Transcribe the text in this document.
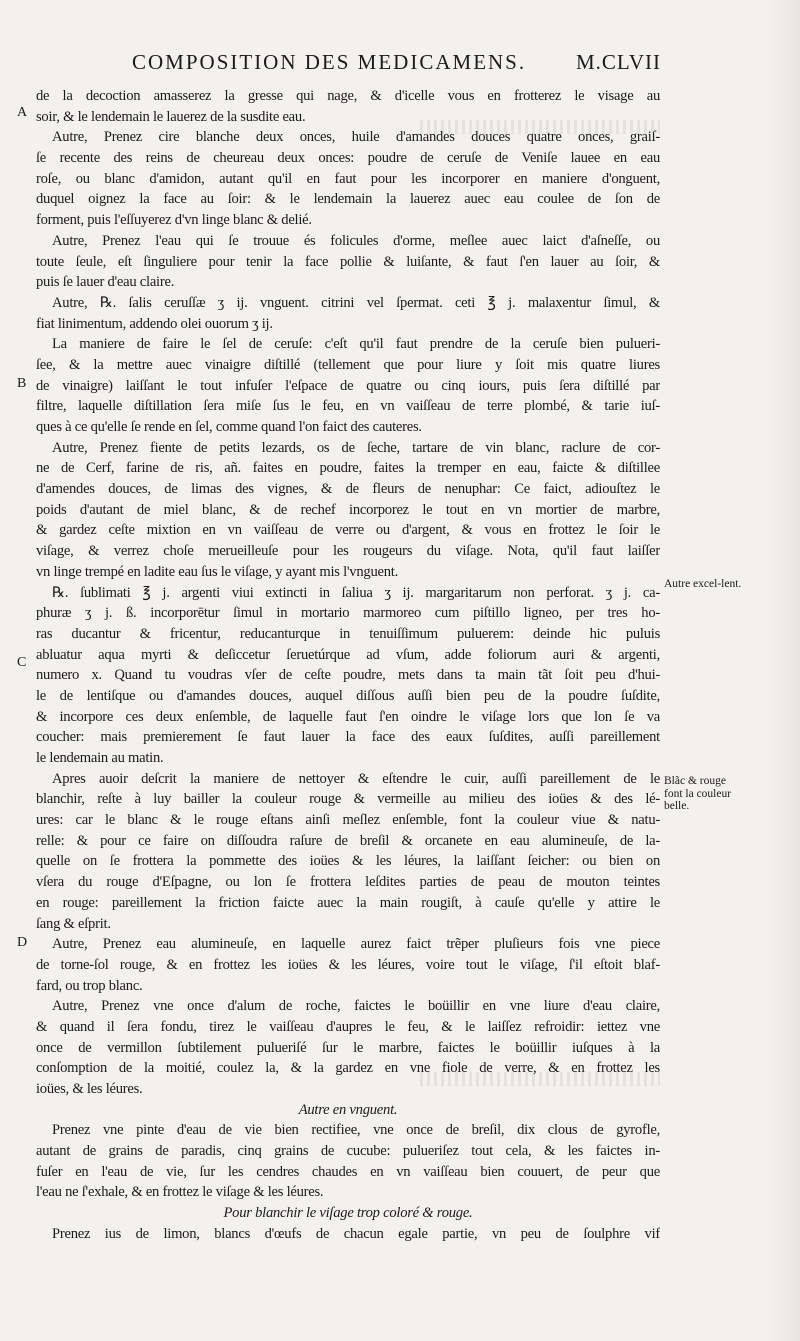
COMPOSITION DES MEDICAMENS. M.CLVII
A
B
C
D
Autre excel-lent.
Blãc & rouge font la couleur belle.
de la decoction amasserez la gresse qui nage, & d'icelle vous en frotterez le visage au
soir, & le lendemain le lauerez de la susdite eau.
Autre, Prenez cire blanche deux onces, huile d'amandes douces quatre onces, graiſ-
ſe recente des reins de cheureau deux onces: poudre de ceruſe de Veniſe lauee en eau
roſe, ou blanc d'amidon, autant qu'il en faut pour les incorporer en maniere d'onguent,
duquel oignez la face au ſoir: & le lendemain la lauerez auec eau coulee de ſon de
forment, puis l'eſſuyerez d'vn linge blanc & delié.
Autre, Prenez l'eau qui ſe trouue és folicules d'orme, meſlee auec laict d'aſneſſe, ou
toute ſeule, eſt ſinguliere pour tenir la face pollie & luiſante, & faut ſ'en lauer au ſoir, &
puis ſe lauer d'eau claire.
Autre, ℞. ſalis ceruſſæ ʒ ij. vnguent. citrini vel ſpermat. ceti ℥ j. malaxentur ſimul, &
fiat linimentum, addendo olei ouorum ʒ ij.
La maniere de faire le ſel de ceruſe: c'eſt qu'il faut prendre de la ceruſe bien pulueri-
ſee, & la mettre auec vinaigre diſtillé (tellement que pour liure y ſoit mis quatre liures
de vinaigre) laiſſant le tout infuſer l'eſpace de quatre ou cinq iours, puis ſera diſtillé par
filtre, laquelle diſtillation ſera miſe ſus le feu, en vn vaiſſeau de terre plombé, & tarie iuſ-
ques à ce qu'elle ſe rende en ſel, comme quand l'on faict des cauteres.
Autre, Prenez fiente de petits lezards, os de ſeche, tartare de vin blanc, raclure de cor-
ne de Cerf, farine de ris, añ. faites en poudre, faites la tremper en eau, faicte & diſtillee
d'amendes douces, de limas des vignes, & de fleurs de nenuphar: Ce faict, adiouſtez le
poids d'autant de miel blanc, & de rechef incorporez le tout en vn mortier de marbre,
& gardez ceſte mixtion en vn vaiſſeau de verre ou d'argent, & vous en frottez le ſoir le
viſage, & verrez choſe merueilleuſe pour les rougeurs du viſage. Nota, qu'il faut laiſſer
vn linge trempé en ladite eau ſus le viſage, y ayant mis l'vnguent.
℞. ſublimati ℥ j. argenti viui extincti in ſaliua ʒ ij. margaritarum non perforat. ʒ j. ca-
phuræ ʒ j. ß. incorporētur ſimul in mortario marmoreo cum piſtillo ligneo, per tres ho-
ras ducantur & fricentur, reducanturque in tenuiſſimum puluerem: deinde hic puluis
abluatur aqua myrti & deſiccetur ſeruetúrque ad vſum, adde foliorum auri & argenti,
numero x. Quand tu voudras vſer de ceſte poudre, mets dans ta main tãt ſoit peu d'hui-
le de lentiſque ou d'amandes douces, auquel diſſous auſſi bien peu de la poudre ſuſdite,
& incorpore ces deux enſemble, de laquelle faut ſ'en oindre le viſage lors que lon ſe va
coucher: mais premierement ſe faut lauer la face des eaux ſuſdites, auſſi pareillement
le lendemain au matin.
Apres auoir deſcrit la maniere de nettoyer & eſtendre le cuir, auſſi pareillement de le
blanchir, reſte à luy bailler la couleur rouge & vermeille au milieu des ioües & des lé-
ures: car le blanc & le rouge eſtans ainſi meſlez enſemble, font la couleur viue & natu-
relle: & pour ce faire on diſſoudra raſure de breſil & orcanete en eau alumineuſe, de la-
quelle on ſe frottera la pommette des ioües & les léures, la laiſſant ſeicher: ou bien on
vſera du rouge d'Eſpagne, ou lon ſe frottera leſdites parties de peau de mouton teintes
en rouge: pareillement la friction faicte auec la main rougiſt, à cauſe qu'elle y attire le
ſang & eſprit.
Autre, Prenez eau alumineuſe, en laquelle aurez faict trẽper pluſieurs fois vne piece
de torne-ſol rouge, & en frottez les ioües & les léures, voire tout le viſage, ſ'il eſtoit blaf-
fard, ou trop blanc.
Autre, Prenez vne once d'alum de roche, faictes le boüillir en vne liure d'eau claire,
& quand il ſera fondu, tirez le vaiſſeau d'aupres le feu, & le laiſſez refroidir: iettez vne
once de vermillon ſubtilement pulueriſé ſur le marbre, faictes le boüillir iuſques à la
conſomption de la moitié, coulez la, & la gardez en vne fiole de verre, & en frottez les
ioües, & les léures.
Autre en vnguent.
Prenez vne pinte d'eau de vie bien rectifiee, vne once de breſil, dix clous de gyrofle,
autant de grains de paradis, cinq grains de cucube: pulueriſez tout cela, & les faictes in-
fuſer en l'eau de vie, ſur les cendres chaudes en vn vaiſſeau bien couuert, de peur que
l'eau ne ſ'exhale, & en frottez le viſage & les léures.
Pour blanchir le viſage trop coloré & rouge.
Prenez ius de limon, blancs d'œufs de chacun egale partie, vn peu de ſoulphre vif
